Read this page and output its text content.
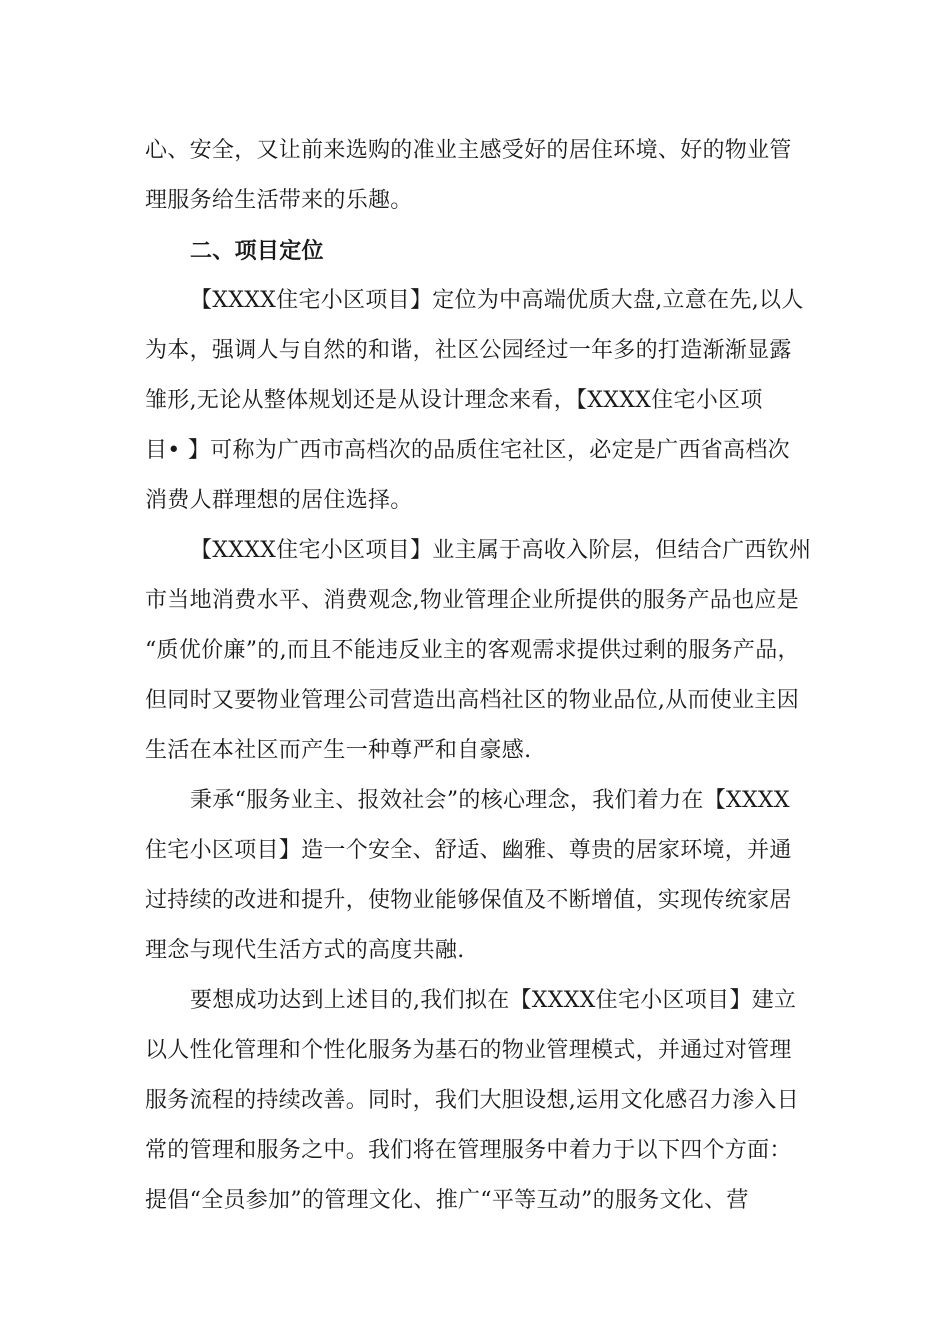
心、安全，又让前来选购的准业主感受好的居住环境、好的物业管
理服务给生活带来的乐趣。
二、项目定位
【XXXX住宅小区项目】定位为中高端优质大盘,立意在先,以人
为本，强调人与自然的和谐，社区公园经过一年多的打造渐渐显露
雏形,无论从整体规划还是从设计理念来看，【XXXX住宅小区项
目• 】可称为广西市高档次的品质住宅社区，必定是广西省高档次
消费人群理想的居住选择。
【XXXX住宅小区项目】业主属于高收入阶层，但结合广西钦州
市当地消费水平、消费观念,物业管理企业所提供的服务产品也应是
“质优价廉”的,而且不能违反业主的客观需求提供过剩的服务产品，
但同时又要物业管理公司营造出高档社区的物业品位,从而使业主因
生活在本社区而产生一种尊严和自豪感.
秉承“服务业主、报效社会”的核心理念，我们着力在【XXXX
住宅小区项目】造一个安全、舒适、幽雅、尊贵的居家环境，并通
过持续的改进和提升，使物业能够保值及不断增值，实现传统家居
理念与现代生活方式的高度共融.
要想成功达到上述目的,我们拟在【XXXX住宅小区项目】建立
以人性化管理和个性化服务为基石的物业管理模式，并通过对管理
服务流程的持续改善。同时，我们大胆设想,运用文化感召力渗入日
常的管理和服务之中。我们将在管理服务中着力于以下四个方面：
提倡“全员参加”的管理文化、推广“平等互动”的服务文化、营
